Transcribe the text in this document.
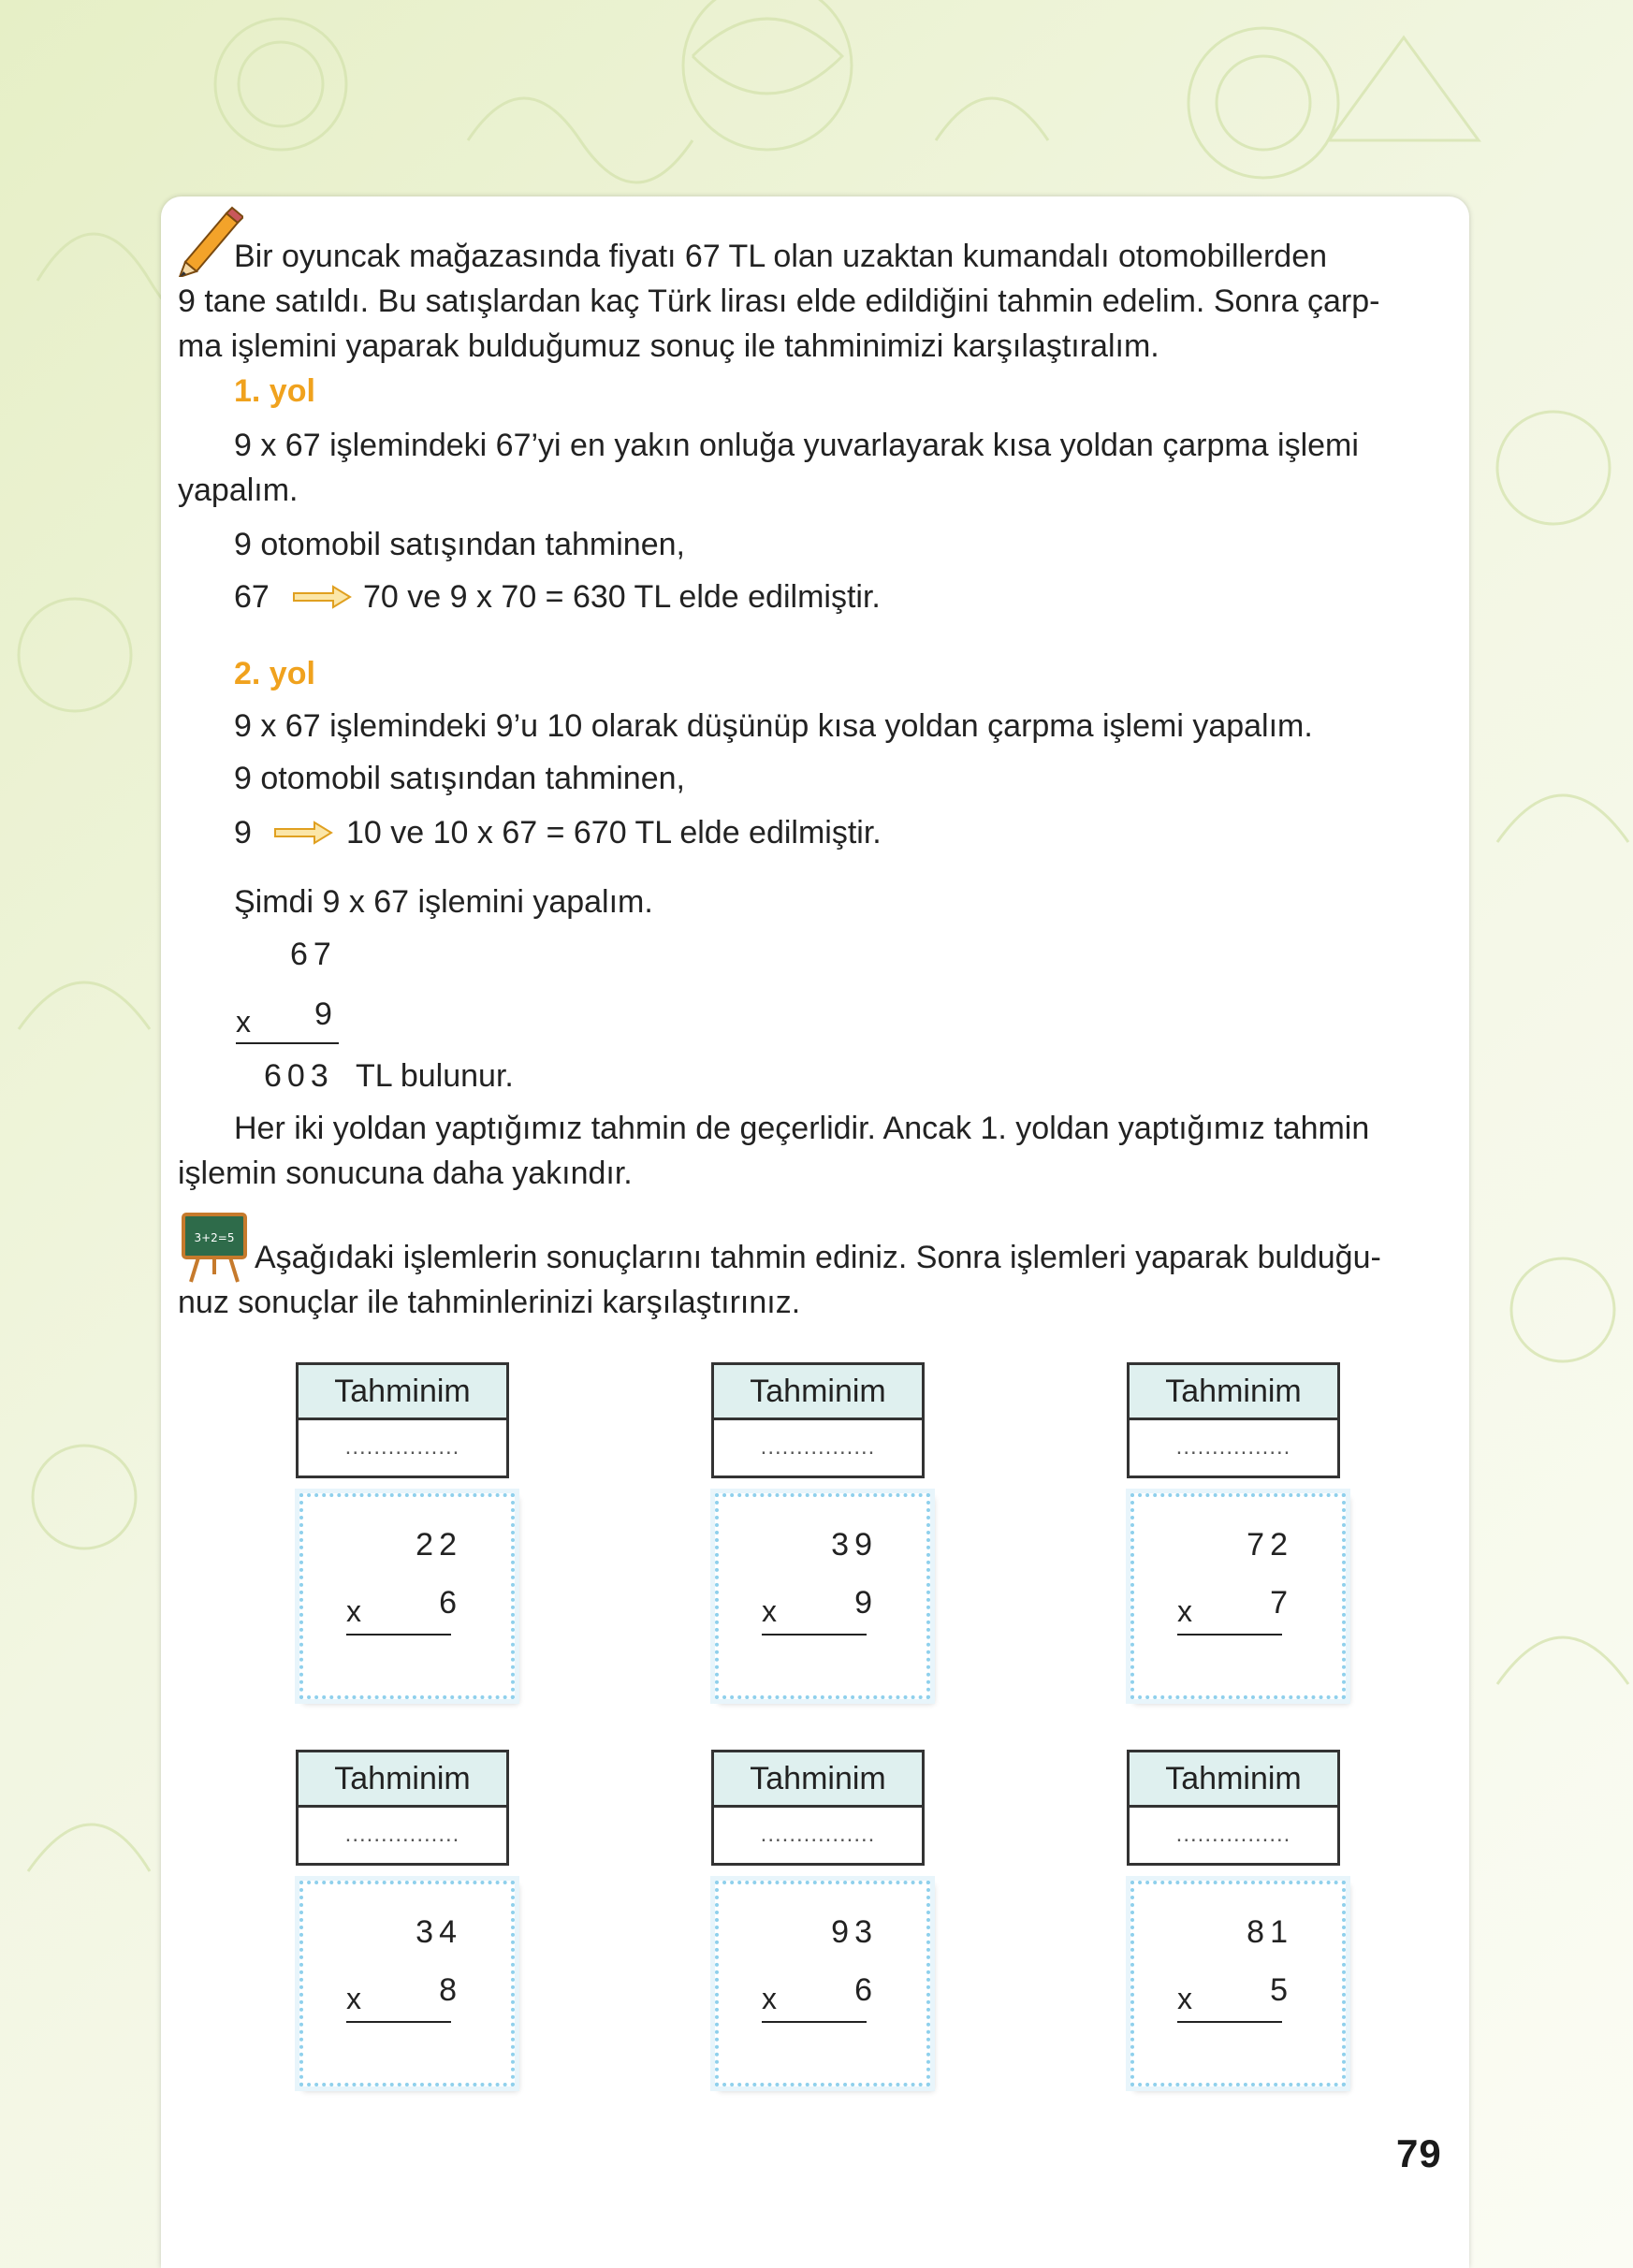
Bir oyuncak mağazasında fiyatı 67 TL olan uzaktan kumandalı otomobillerden
9 tane satıldı. Bu satışlardan kaç Türk lirası elde edildiğini tahmin edelim. Sonra çarp-
ma işlemini yaparak bulduğumuz sonuç ile tahminimizi karşılaştıralım.
1. yol
9 x 67 işlemindeki 67’yi en yakın onluğa yuvarlayarak kısa yoldan çarpma işlemi
yapalım.
9 otomobil satışından tahminen,
67	70 ve 9 x 70 = 630 TL elde edilmiştir.
2. yol
9 x 67 işlemindeki 9’u 10 olarak düşünüp kısa yoldan çarpma işlemi yapalım.
9 otomobil satışından tahminen,
9	10 ve 10 x 67 = 670 TL elde edilmiştir.
Şimdi 9 x 67 işlemini yapalım.
67
x 9
603 TL bulunur.
Her iki yoldan yaptığımız tahmin de geçerlidir. Ancak 1. yoldan yaptığımız tahmin
işlemin sonucuna daha yakındır.
3+2=5
Aşağıdaki işlemlerin sonuçlarını tahmin ediniz. Sonra işlemleri yaparak bulduğu-
nuz sonuçlar ile tahminlerinizi karşılaştırınız.
Tahminim
................
Tahminim
................
Tahminim
................
22
x 6
39
x 9
72
x 7
Tahminim
................
Tahminim
................
Tahminim
................
34
x 8
93
x 6
81
x 5
79
